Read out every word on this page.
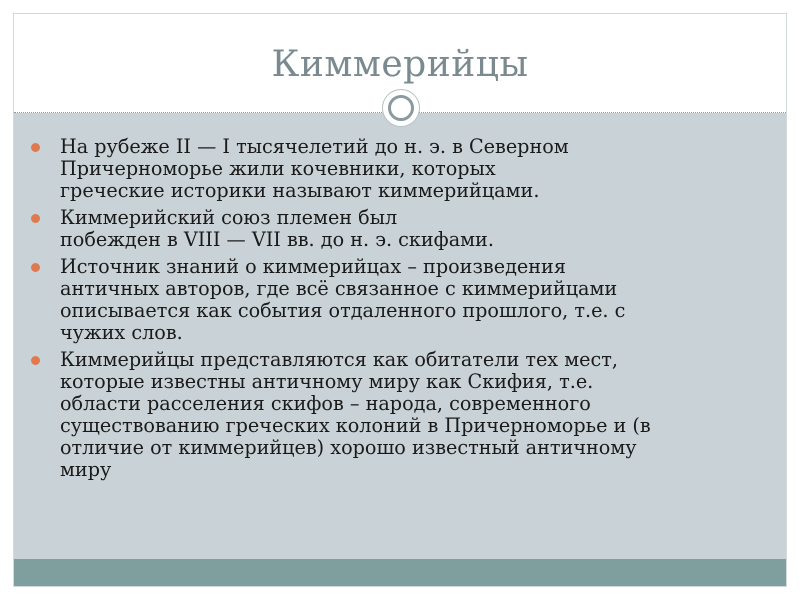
Киммерийцы
На рубеже II — I тысячелетий до н. э. в Северном
Причерноморье жили кочевники, которых
греческие историки называют киммерийцами.
Киммерийский союз племен был
побежден в VIII — VII вв. до н. э. скифами.
Источник знаний о киммерийцах – произведения
античных авторов, где всё связанное с киммерийцами
описывается как события отдаленного прошлого, т.е. с
чужих слов.
Киммерийцы представляются как обитатели тех мест,
которые известны античному миру как Скифия, т.е.
области расселения скифов – народа, современного
существованию греческих колоний в Причерноморье и (в
отличие от киммерийцев) хорошо известный античному
миру
